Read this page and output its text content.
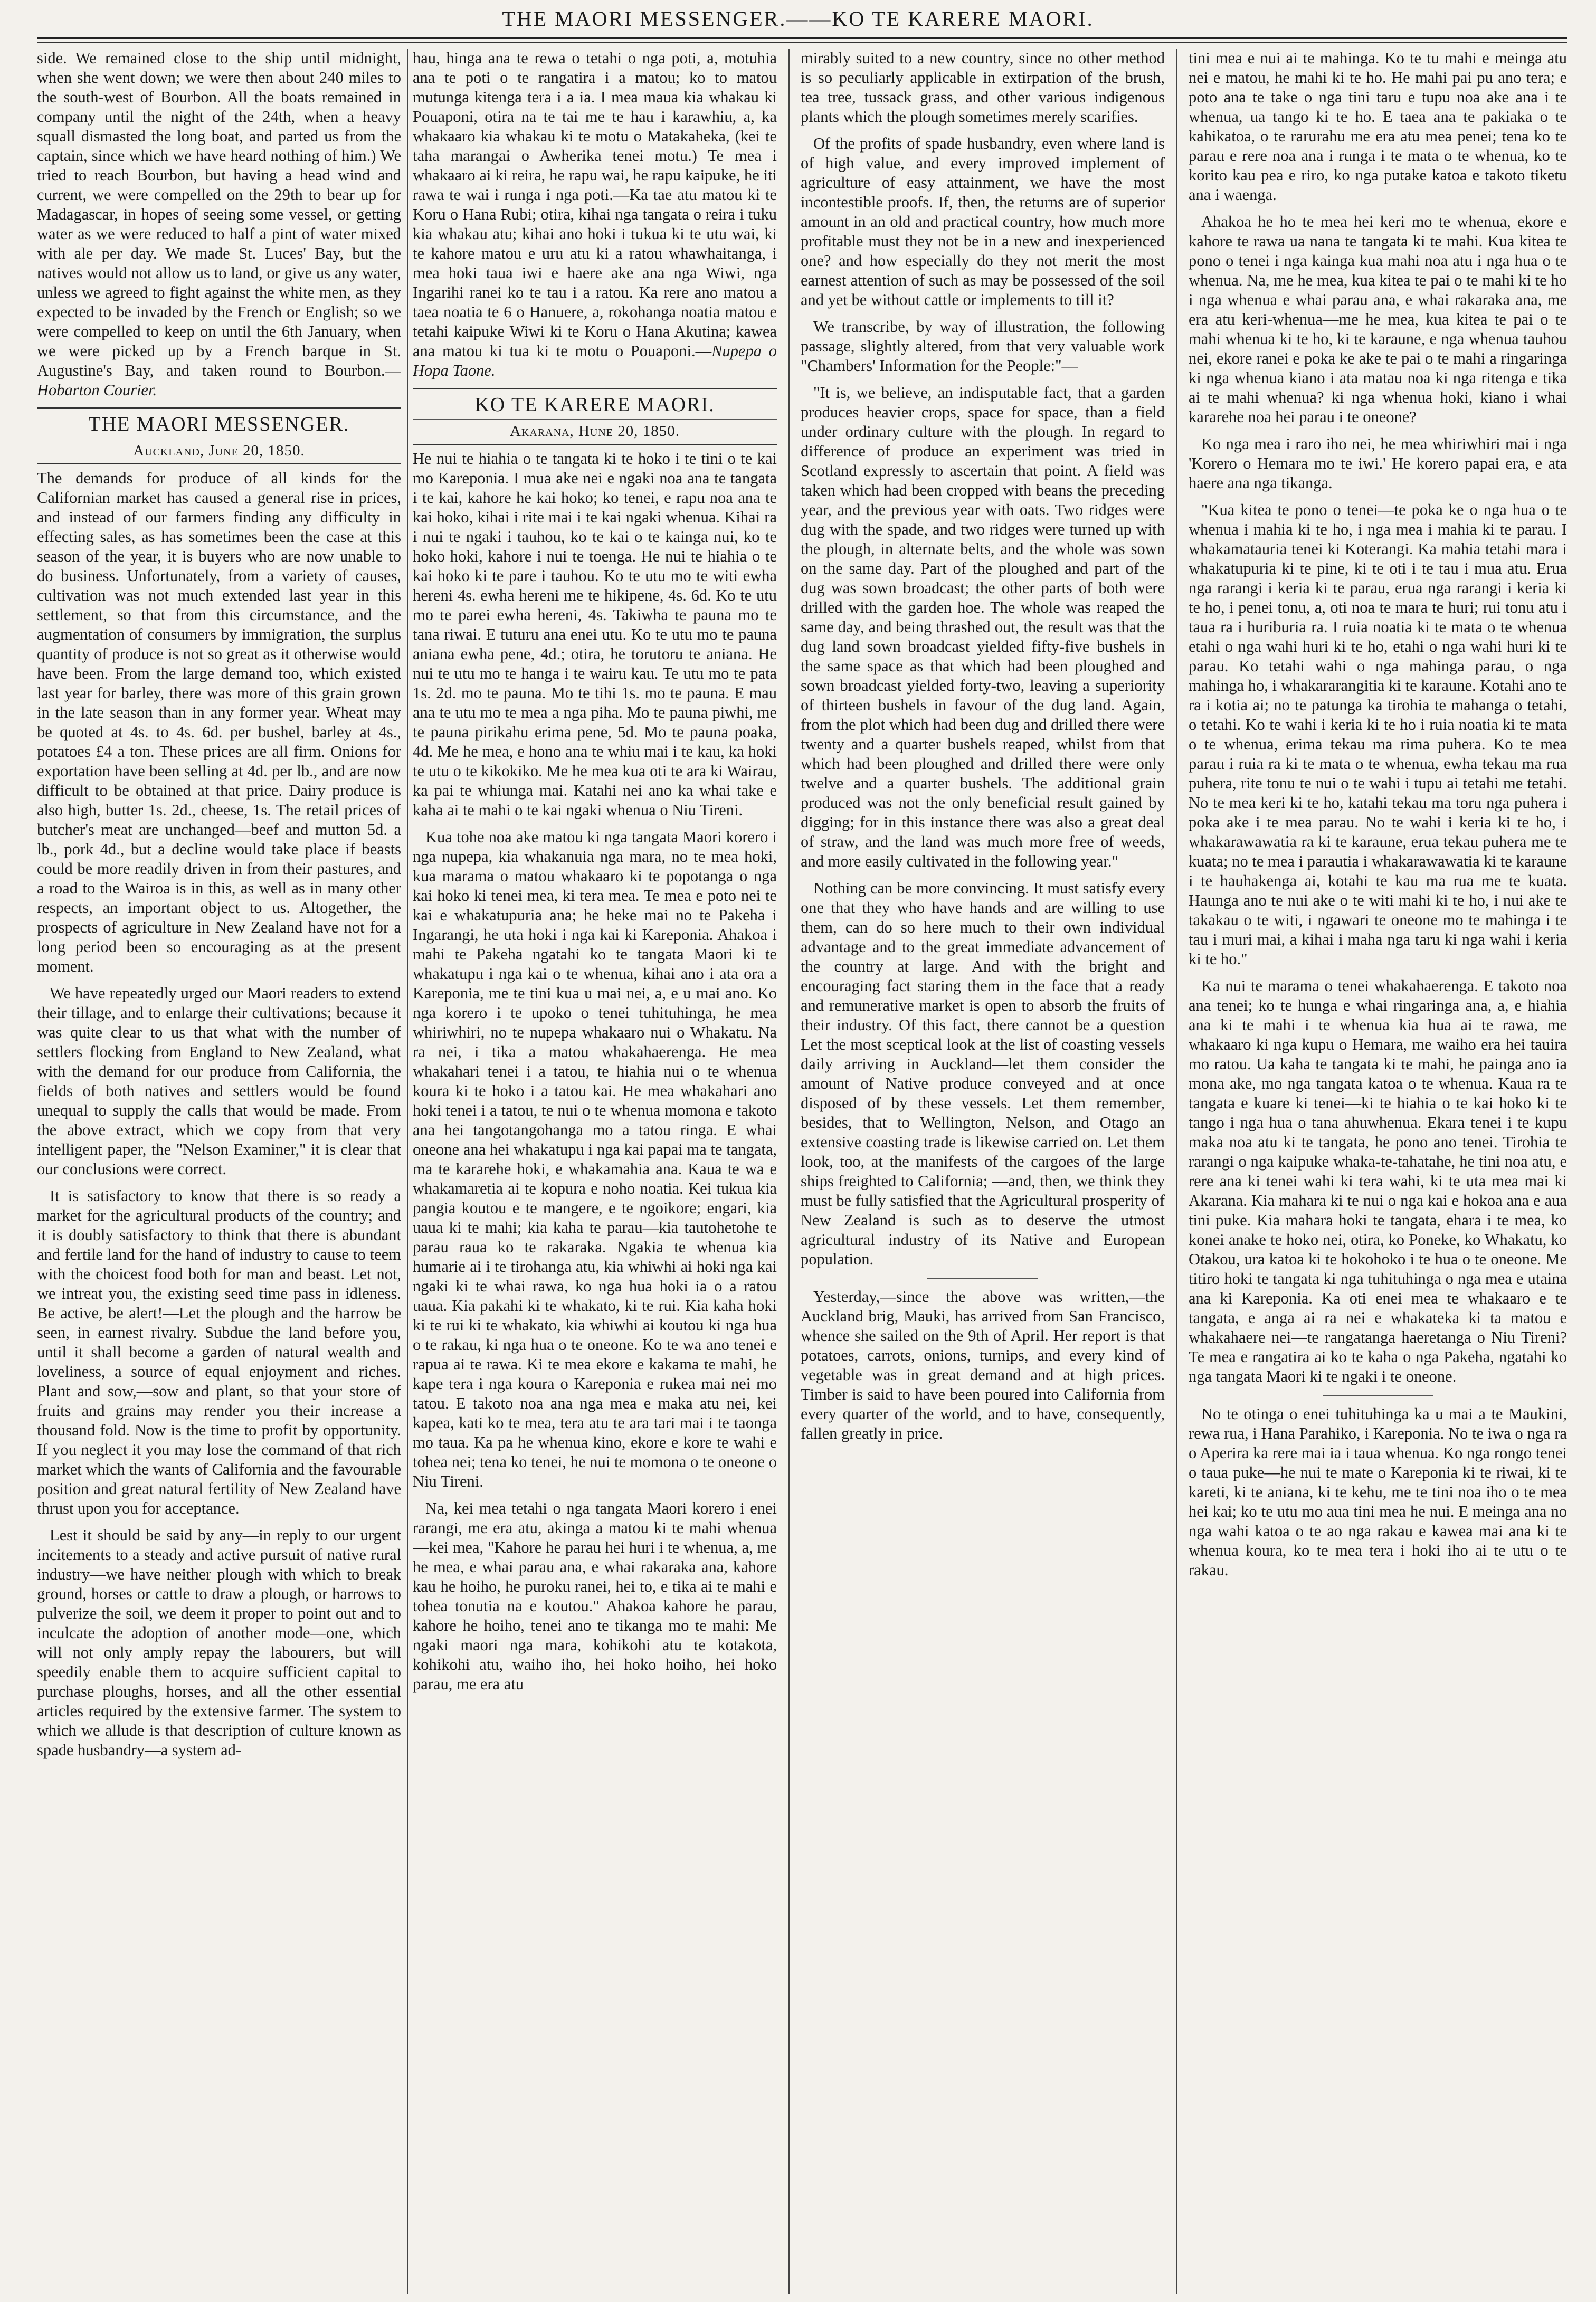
THE MAORI MESSENGER.——KO TE KARERE MAORI.

side. We remained close to the ship until midnight, when she went down; we were then about 240 miles to the south-west of Bourbon. All the boats remained in company until the night of the 24th, when a heavy squall dismasted the long boat, and parted us from the captain, since which we have heard nothing of him.) We tried to reach Bourbon, but having a head wind and current, we were compelled on the 29th to bear up for Madagascar, in hopes of seeing some vessel, or getting water as we were reduced to half a pint of water mixed with ale per day. We made St. Luces' Bay, but the natives would not allow us to land, or give us any water, unless we agreed to fight against the white men, as they expected to be invaded by the French or English; so we were compelled to keep on until the 6th January, when we were picked up by a French barque in St. Augustine's Bay, and taken round to Bourbon.—Hobarton Courier.

THE MAORI MESSENGER.
Auckland, June 20, 1850.

The demands for produce of all kinds for the Californian market has caused a general rise in prices, and instead of our farmers finding any difficulty in effecting sales, as has sometimes been the case at this season of the year, it is buyers who are now unable to do business. Unfortunately, from a variety of causes, cultivation was not much extended last year in this settlement, so that from this circumstance, and the augmentation of consumers by immigration, the surplus quantity of produce is not so great as it otherwise would have been. From the large demand too, which existed last year for barley, there was more of this grain grown in the late season than in any former year. Wheat may be quoted at 4s. to 4s. 6d. per bushel, barley at 4s., potatoes £4 a ton. These prices are all firm. Onions for exportation have been selling at 4d. per lb., and are now difficult to be obtained at that price. Dairy produce is also high, butter 1s. 2d., cheese, 1s. The retail prices of butcher's meat are unchanged—beef and mutton 5d. a lb., pork 4d., but a decline would take place if beasts could be more readily driven in from their pastures, and a road to the Wairoa is in this, as well as in many other respects, an important object to us. Altogether, the prospects of agriculture in New Zealand have not for a long period been so encouraging as at the present moment.

We have repeatedly urged our Maori readers to extend their tillage, and to enlarge their cultivations; because it was quite clear to us that what with the number of settlers flocking from England to New Zealand, what with the demand for our produce from California, the fields of both natives and settlers would be found unequal to supply the calls that would be made. From the above extract, which we copy from that very intelligent paper, the "Nelson Examiner," it is clear that our conclusions were correct.

It is satisfactory to know that there is so ready a market for the agricultural products of the country; and it is doubly satisfactory to think that there is abundant and fertile land for the hand of industry to cause to teem with the choicest food both for man and beast. Let not, we intreat you, the existing seed time pass in idleness. Be active, be alert!—Let the plough and the harrow be seen, in earnest rivalry. Subdue the land before you, until it shall become a garden of natural wealth and loveliness, a source of equal enjoyment and riches. Plant and sow,—sow and plant, so that your store of fruits and grains may render you their increase a thousand fold. Now is the time to profit by opportunity. If you neglect it you may lose the command of that rich market which the wants of California and the favourable position and great natural fertility of New Zealand have thrust upon you for acceptance.

Lest it should be said by any—in reply to our urgent incitements to a steady and active pursuit of native rural industry—we have neither plough with which to break ground, horses or cattle to draw a plough, or harrows to pulverize the soil, we deem it proper to point out and to inculcate the adoption of another mode—one, which will not only amply repay the labourers, but will speedily enable them to acquire sufficient capital to purchase ploughs, horses, and all the other essential articles required by the extensive farmer. The system to which we allude is that description of culture known as spade husbandry—a system ad-

hau, hinga ana te rewa o tetahi o nga poti, a, motuhia ana te poti o te rangatira i a matou; ko to matou mutunga kitenga tera i a ia. I mea maua kia whakau ki Pouaponi, otira na te tai me te hau i karawhiu, a, ka whakaaro kia whakau ki te motu o Matakaheka, (kei te taha marangai o Awherika tenei motu.) Te mea i whakaaro ai ki reira, he rapu wai, he rapu kaipuke, he iti rawa te wai i runga i nga poti.—Ka tae atu matou ki te Koru o Hana Rubi; otira, kihai nga tangata o reira i tuku kia whakau atu; kihai ano hoki i tukua ki te utu wai, ki te kahore matou e uru atu ki a ratou whawhaitanga, i mea hoki taua iwi e haere ake ana nga Wiwi, nga Ingarihi ranei ko te tau i a ratou. Ka rere ano matou a taea noatia te 6 o Hanuere, a, rokohanga noatia matou e tetahi kaipuke Wiwi ki te Koru o Hana Akutina; kawea ana matou ki tua ki te motu o Pouaponi.—Nupepa o Hopa Taone.

KO TE KARERE MAORI.
Akarana, Hune 20, 1850.

He nui te hiahia o te tangata ki te hoko i te tini o te kai mo Kareponia. I mua ake nei e ngaki noa ana te tangata i te kai, kahore he kai hoko; ko tenei, e rapu noa ana te kai hoko, kihai i rite mai i te kai ngaki whenua. Kihai ra i nui te ngaki i tauhou, ko te kai o te kainga nui, ko te hoko hoki, kahore i nui te toenga. He nui te hiahia o te kai hoko ki te pare i tauhou. Ko te utu mo te witi ewha hereni 4s. ewha hereni me te hikipene, 4s. 6d. Ko te utu mo te parei ewha hereni, 4s. Takiwha te pauna mo te tana riwai. E tuturu ana enei utu. Ko te utu mo te pauna aniana ewha pene, 4d.; otira, he torutoru te aniana. He nui te utu mo te hanga i te wairu kau. Te utu mo te pata 1s. 2d. mo te pauna. Mo te tihi 1s. mo te pauna. E mau ana te utu mo te mea a nga piha. Mo te pauna piwhi, me te pauna pirikahu erima pene, 5d. Mo te pauna poaka, 4d. Me he mea, e hono ana te whiu mai i te kau, ka hoki te utu o te kikokiko. Me he mea kua oti te ara ki Wairau, ka pai te whiunga mai. Katahi nei ano ka whai take e kaha ai te mahi o te kai ngaki whenua o Niu Tireni.

Kua tohe noa ake matou ki nga tangata Maori korero i nga nupepa, kia whakanuia nga mara, no te mea hoki, kua marama o matou whakaaro ki te popotanga o nga kai hoko ki tenei mea, ki tera mea. Te mea e poto nei te kai e whakatupuria ana; he heke mai no te Pakeha i Ingarangi, he uta hoki i nga kai ki Kareponia. Ahakoa i mahi te Pakeha ngatahi ko te tangata Maori ki te whakatupu i nga kai o te whenua, kihai ano i ata ora a Kareponia, me te tini kua u mai nei, a, e u mai ano. Ko nga korero i te upoko o tenei tuhituhinga, he mea whiriwhiri, no te nupepa whakaaro nui o Whakatu. Na ra nei, i tika a matou whakahaerenga. He mea whakahari tenei i a tatou, te hiahia nui o te whenua koura ki te hoko i a tatou kai. He mea whakahari ano hoki tenei i a tatou, te nui o te whenua momona e takoto ana hei tangotangohanga mo a tatou ringa. E whai oneone ana hei whakatupu i nga kai papai ma te tangata, ma te kararehe hoki, e whakamahia ana. Kaua te wa e whakamaretia ai te kopura e noho noatia. Kei tukua kia pangia koutou e te mangere, e te ngoikore; engari, kia uaua ki te mahi; kia kaha te parau—kia tautohetohe te parau raua ko te rakaraka. Ngakia te whenua kia humarie ai i te tirohanga atu, kia whiwhi ai hoki nga kai ngaki ki te whai rawa, ko nga hua hoki ia o a ratou uaua. Kia pakahi ki te whakato, ki te rui. Kia kaha hoki ki te rui ki te whakato, kia whiwhi ai koutou ki nga hua o te rakau, ki nga hua o te oneone. Ko te wa ano tenei e rapua ai te rawa. Ki te mea ekore e kakama te mahi, he kape tera i nga koura o Kareponia e rukea mai nei mo tatou. E takoto noa ana nga mea e maka atu nei, kei kapea, kati ko te mea, tera atu te ara tari mai i te taonga mo taua. Ka pa he whenua kino, ekore e kore te wahi e tohea nei; tena ko tenei, he nui te momona o te oneone o Niu Tireni.

Na, kei mea tetahi o nga tangata Maori korero i enei rarangi, me era atu, akinga a matou ki te mahi whenua—kei mea, "Kahore he parau hei huri i te whenua, a, me he mea, e whai parau ana, e whai rakaraka ana, kahore kau he hoiho, he puroku ranei, hei to, e tika ai te mahi e tohea tonutia na e koutou." Ahakoa kahore he parau, kahore he hoiho, tenei ano te tikanga mo te mahi: Me ngaki maori nga mara, kohikohi atu te kotakota, kohikohi atu, waiho iho, hei hoko hoiho, hei hoko parau, me era atu

mirably suited to a new country, since no other method is so peculiarly applicable in extirpation of the brush, tea tree, tussack grass, and other various indigenous plants which the plough sometimes merely scarifies.

Of the profits of spade husbandry, even where land is of high value, and every improved implement of agriculture of easy attainment, we have the most incontestible proofs. If, then, the returns are of superior amount in an old and practical country, how much more profitable must they not be in a new and inexperienced one? and how especially do they not merit the most earnest attention of such as may be possessed of the soil and yet be without cattle or implements to till it?

We transcribe, by way of illustration, the following passage, slightly altered, from that very valuable work "Chambers' Information for the People:"—

"It is, we believe, an indisputable fact, that a garden produces heavier crops, space for space, than a field under ordinary culture with the plough. In regard to difference of produce an experiment was tried in Scotland expressly to ascertain that point. A field was taken which had been cropped with beans the preceding year, and the previous year with oats. Two ridges were dug with the spade, and two ridges were turned up with the plough, in alternate belts, and the whole was sown on the same day. Part of the ploughed and part of the dug was sown broadcast; the other parts of both were drilled with the garden hoe. The whole was reaped the same day, and being thrashed out, the result was that the dug land sown broadcast yielded fifty-five bushels in the same space as that which had been ploughed and sown broadcast yielded forty-two, leaving a superiority of thirteen bushels in favour of the dug land. Again, from the plot which had been dug and drilled there were twenty and a quarter bushels reaped, whilst from that which had been ploughed and drilled there were only twelve and a quarter bushels. The additional grain produced was not the only beneficial result gained by digging; for in this instance there was also a great deal of straw, and the land was much more free of weeds, and more easily cultivated in the following year."

Nothing can be more convincing. It must satisfy every one that they who have hands and are willing to use them, can do so here much to their own individual advantage and to the great immediate advancement of the country at large. And with the bright and encouraging fact staring them in the face that a ready and remunerative market is open to absorb the fruits of their industry. Of this fact, there cannot be a question Let the most sceptical look at the list of coasting vessels daily arriving in Auckland—let them consider the amount of Native produce conveyed and at once disposed of by these vessels. Let them remember, besides, that to Wellington, Nelson, and Otago an extensive coasting trade is likewise carried on. Let them look, too, at the manifests of the cargoes of the large ships freighted to California; —and, then, we think they must be fully satisfied that the Agricultural prosperity of New Zealand is such as to deserve the utmost agricultural industry of its Native and European population.

Yesterday,—since the above was written,—the Auckland brig, Mauki, has arrived from San Francisco, whence she sailed on the 9th of April. Her report is that potatoes, carrots, onions, turnips, and every kind of vegetable was in great demand and at high prices. Timber is said to have been poured into California from every quarter of the world, and to have, consequently, fallen greatly in price.

tini mea e nui ai te mahinga. Ko te tu mahi e meinga atu nei e matou, he mahi ki te ho. He mahi pai pu ano tera; e poto ana te take o nga tini taru e tupu noa ake ana i te whenua, ua tango ki te ho. E taea ana te pakiaka o te kahikatoa, o te rarurahu me era atu mea penei; tena ko te parau e rere noa ana i runga i te mata o te whenua, ko te korito kau pea e riro, ko nga putake katoa e takoto tiketu ana i waenga.

Ahakoa he ho te mea hei keri mo te whenua, ekore e kahore te rawa ua nana te tangata ki te mahi. Kua kitea te pono o tenei i nga kainga kua mahi noa atu i nga hua o te whenua. Na, me he mea, kua kitea te pai o te mahi ki te ho i nga whenua e whai parau ana, e whai rakaraka ana, me era atu keri-whenua—me he mea, kua kitea te pai o te mahi whenua ki te ho, ki te karaune, e nga whenua tauhou nei, ekore ranei e poka ke ake te pai o te mahi a ringaringa ki nga whenua kiano i ata matau noa ki nga ritenga e tika ai te mahi whenua? ki nga whenua hoki, kiano i whai kararehe noa hei parau i te oneone?

Ko nga mea i raro iho nei, he mea whiriwhiri mai i nga 'Korero o Hemara mo te iwi.' He korero papai era, e ata haere ana nga tikanga.

"Kua kitea te pono o tenei—te poka ke o nga hua o te whenua i mahia ki te ho, i nga mea i mahia ki te parau. I whakamatauria tenei ki Koterangi. Ka mahia tetahi mara i whakatupuria ki te pine, ki te oti i te tau i mua atu. Erua nga rarangi i keria ki te parau, erua nga rarangi i keria ki te ho, i penei tonu, a, oti noa te mara te huri; rui tonu atu i taua ra i huriburia ra. I ruia noatia ki te mata o te whenua etahi o nga wahi huri ki te ho, etahi o nga wahi huri ki te parau. Ko tetahi wahi o nga mahinga parau, o nga mahinga ho, i whakararangitia ki te karaune. Kotahi ano te ra i kotia ai; no te patunga ka tirohia te mahanga o tetahi, o tetahi. Ko te wahi i keria ki te ho i ruia noatia ki te mata o te whenua, erima tekau ma rima puhera. Ko te mea parau i ruia ra ki te mata o te whenua, ewha tekau ma rua puhera, rite tonu te nui o te wahi i tupu ai tetahi me tetahi. No te mea keri ki te ho, katahi tekau ma toru nga puhera i poka ake i te mea parau. No te wahi i keria ki te ho, i whakarawawatia ra ki te karaune, erua tekau puhera me te kuata; no te mea i parautia i whakarawawatia ki te karaune i te hauhakenga ai, kotahi te kau ma rua me te kuata. Haunga ano te nui ake o te witi mahi ki te ho, i nui ake te takakau o te witi, i ngawari te oneone mo te mahinga i te tau i muri mai, a kihai i maha nga taru ki nga wahi i keria ki te ho."

Ka nui te marama o tenei whakahaerenga. E takoto noa ana tenei; ko te hunga e whai ringaringa ana, a, e hiahia ana ki te mahi i te whenua kia hua ai te rawa, me whakaaro ki nga kupu o Hemara, me waiho era hei tauira mo ratou. Ua kaha te tangata ki te mahi, he painga ano ia mona ake, mo nga tangata katoa o te whenua. Kaua ra te tangata e kuare ki tenei—ki te hiahia o te kai hoko ki te tango i nga hua o tana ahuwhenua. Ekara tenei i te kupu maka noa atu ki te tangata, he pono ano tenei. Tirohia te rarangi o nga kaipuke whaka-te-tahatahe, he tini noa atu, e rere ana ki tenei wahi ki tera wahi, ki te uta mea mai ki Akarana. Kia mahara ki te nui o nga kai e hokoa ana e aua tini puke. Kia mahara hoki te tangata, ehara i te mea, ko konei anake te hoko nei, otira, ko Poneke, ko Whakatu, ko Otakou, ura katoa ki te hokohoko i te hua o te oneone. Me titiro hoki te tangata ki nga tuhituhinga o nga mea e utaina ana ki Kareponia. Ka oti enei mea te whakaaro e te tangata, e anga ai ra nei e whakateka ki ta matou e whakahaere nei—te rangatanga haeretanga o Niu Tireni? Te mea e rangatira ai ko te kaha o nga Pakeha, ngatahi ko nga tangata Maori ki te ngaki i te oneone.

No te otinga o enei tuhituhinga ka u mai a te Maukini, rewa rua, i Hana Parahiko, i Kareponia. No te iwa o nga ra o Aperira ka rere mai ia i taua whenua. Ko nga rongo tenei o taua puke—he nui te mate o Kareponia ki te riwai, ki te kareti, ki te aniana, ki te kehu, me te tini noa iho o te mea hei kai; ko te utu mo aua tini mea he nui. E meinga ana no nga wahi katoa o te ao nga rakau e kawea mai ana ki te whenua koura, ko te mea tera i hoki iho ai te utu o te rakau.
